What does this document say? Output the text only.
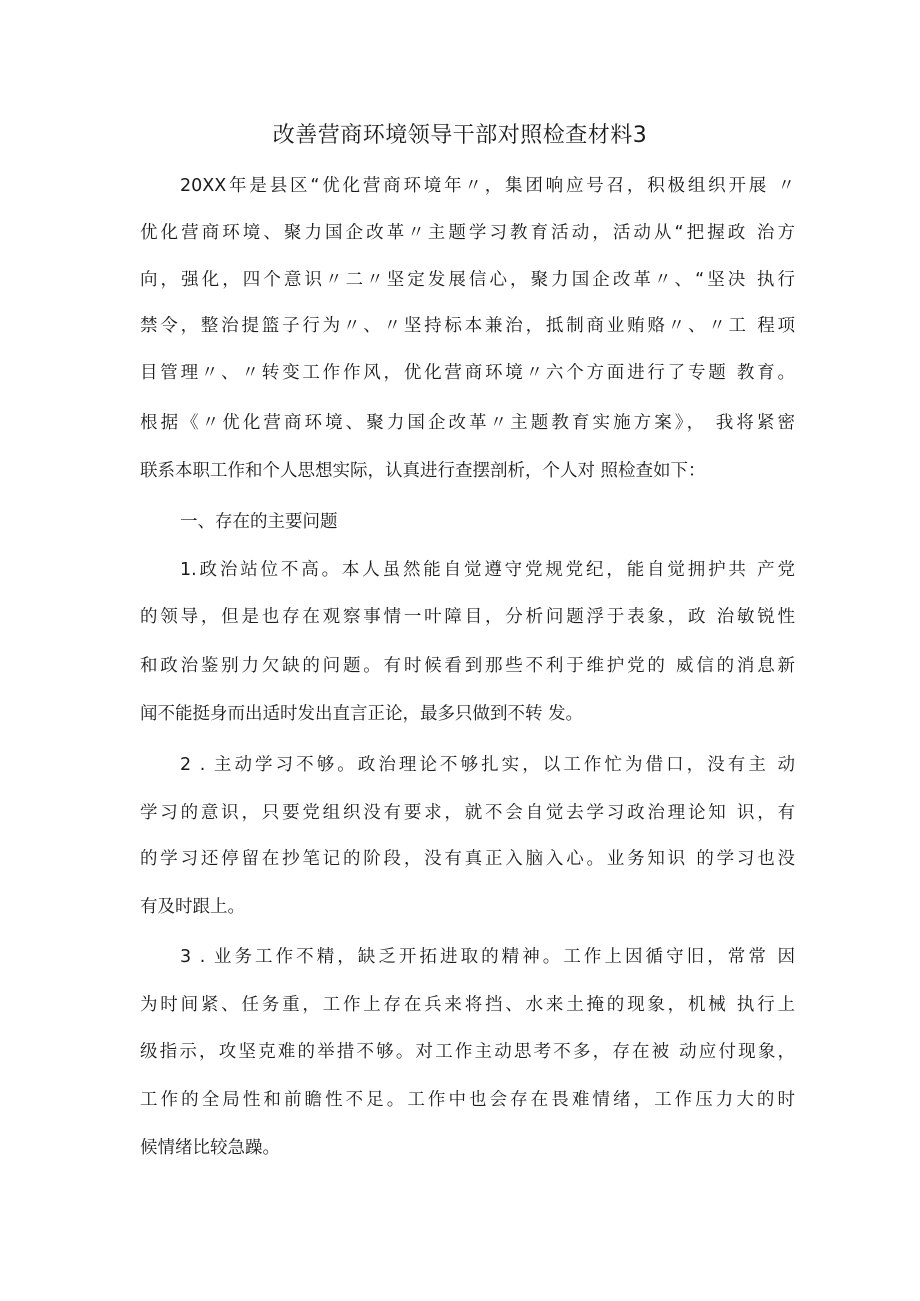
改善营商环境领导干部对照检查材料3

20XX年是县区“优化营商环境年〃，集团响应号召，积极组织开展 〃

优化营商环境、聚力国企改革〃主题学习教育活动，活动从“把握政 治方

向，强化，四个意识〃二〃坚定发展信心，聚力国企改革〃、“坚决 执行

禁令，整治提篮子行为〃、〃坚持标本兼治，抵制商业贿赂〃、〃工 程项

目管理〃、〃转变工作作风，优化营商环境〃六个方面进行了专题 教育。

根据《〃优化营商环境、聚力国企改革〃主题教育实施方案》， 我将紧密

联系本职工作和个人思想实际，认真进行查摆剖析，个人对 照检查如下：

一、存在的主要问题

1.政治站位不高。本人虽然能自觉遵守党规党纪，能自觉拥护共 产党

的领导，但是也存在观察事情一叶障目，分析问题浮于表象，政 治敏锐性

和政治鉴别力欠缺的问题。有时候看到那些不利于维护党的 威信的消息新

闻不能挺身而出适时发出直言正论，最多只做到不转 发。

2 . 主动学习不够。政治理论不够扎实，以工作忙为借口，没有主 动

学习的意识，只要党组织没有要求，就不会自觉去学习政治理论知 识，有

的学习还停留在抄笔记的阶段，没有真正入脑入心。业务知识 的学习也没

有及时跟上。

3 . 业务工作不精，缺乏开拓进取的精神。工作上因循守旧，常常 因

为时间紧、任务重，工作上存在兵来将挡、水来土掩的现象，机械 执行上

级指示，攻坚克难的举措不够。对工作主动思考不多，存在被 动应付现象，

工作的全局性和前瞻性不足。工作中也会存在畏难情绪，工作压力大的时

候情绪比较急躁。
